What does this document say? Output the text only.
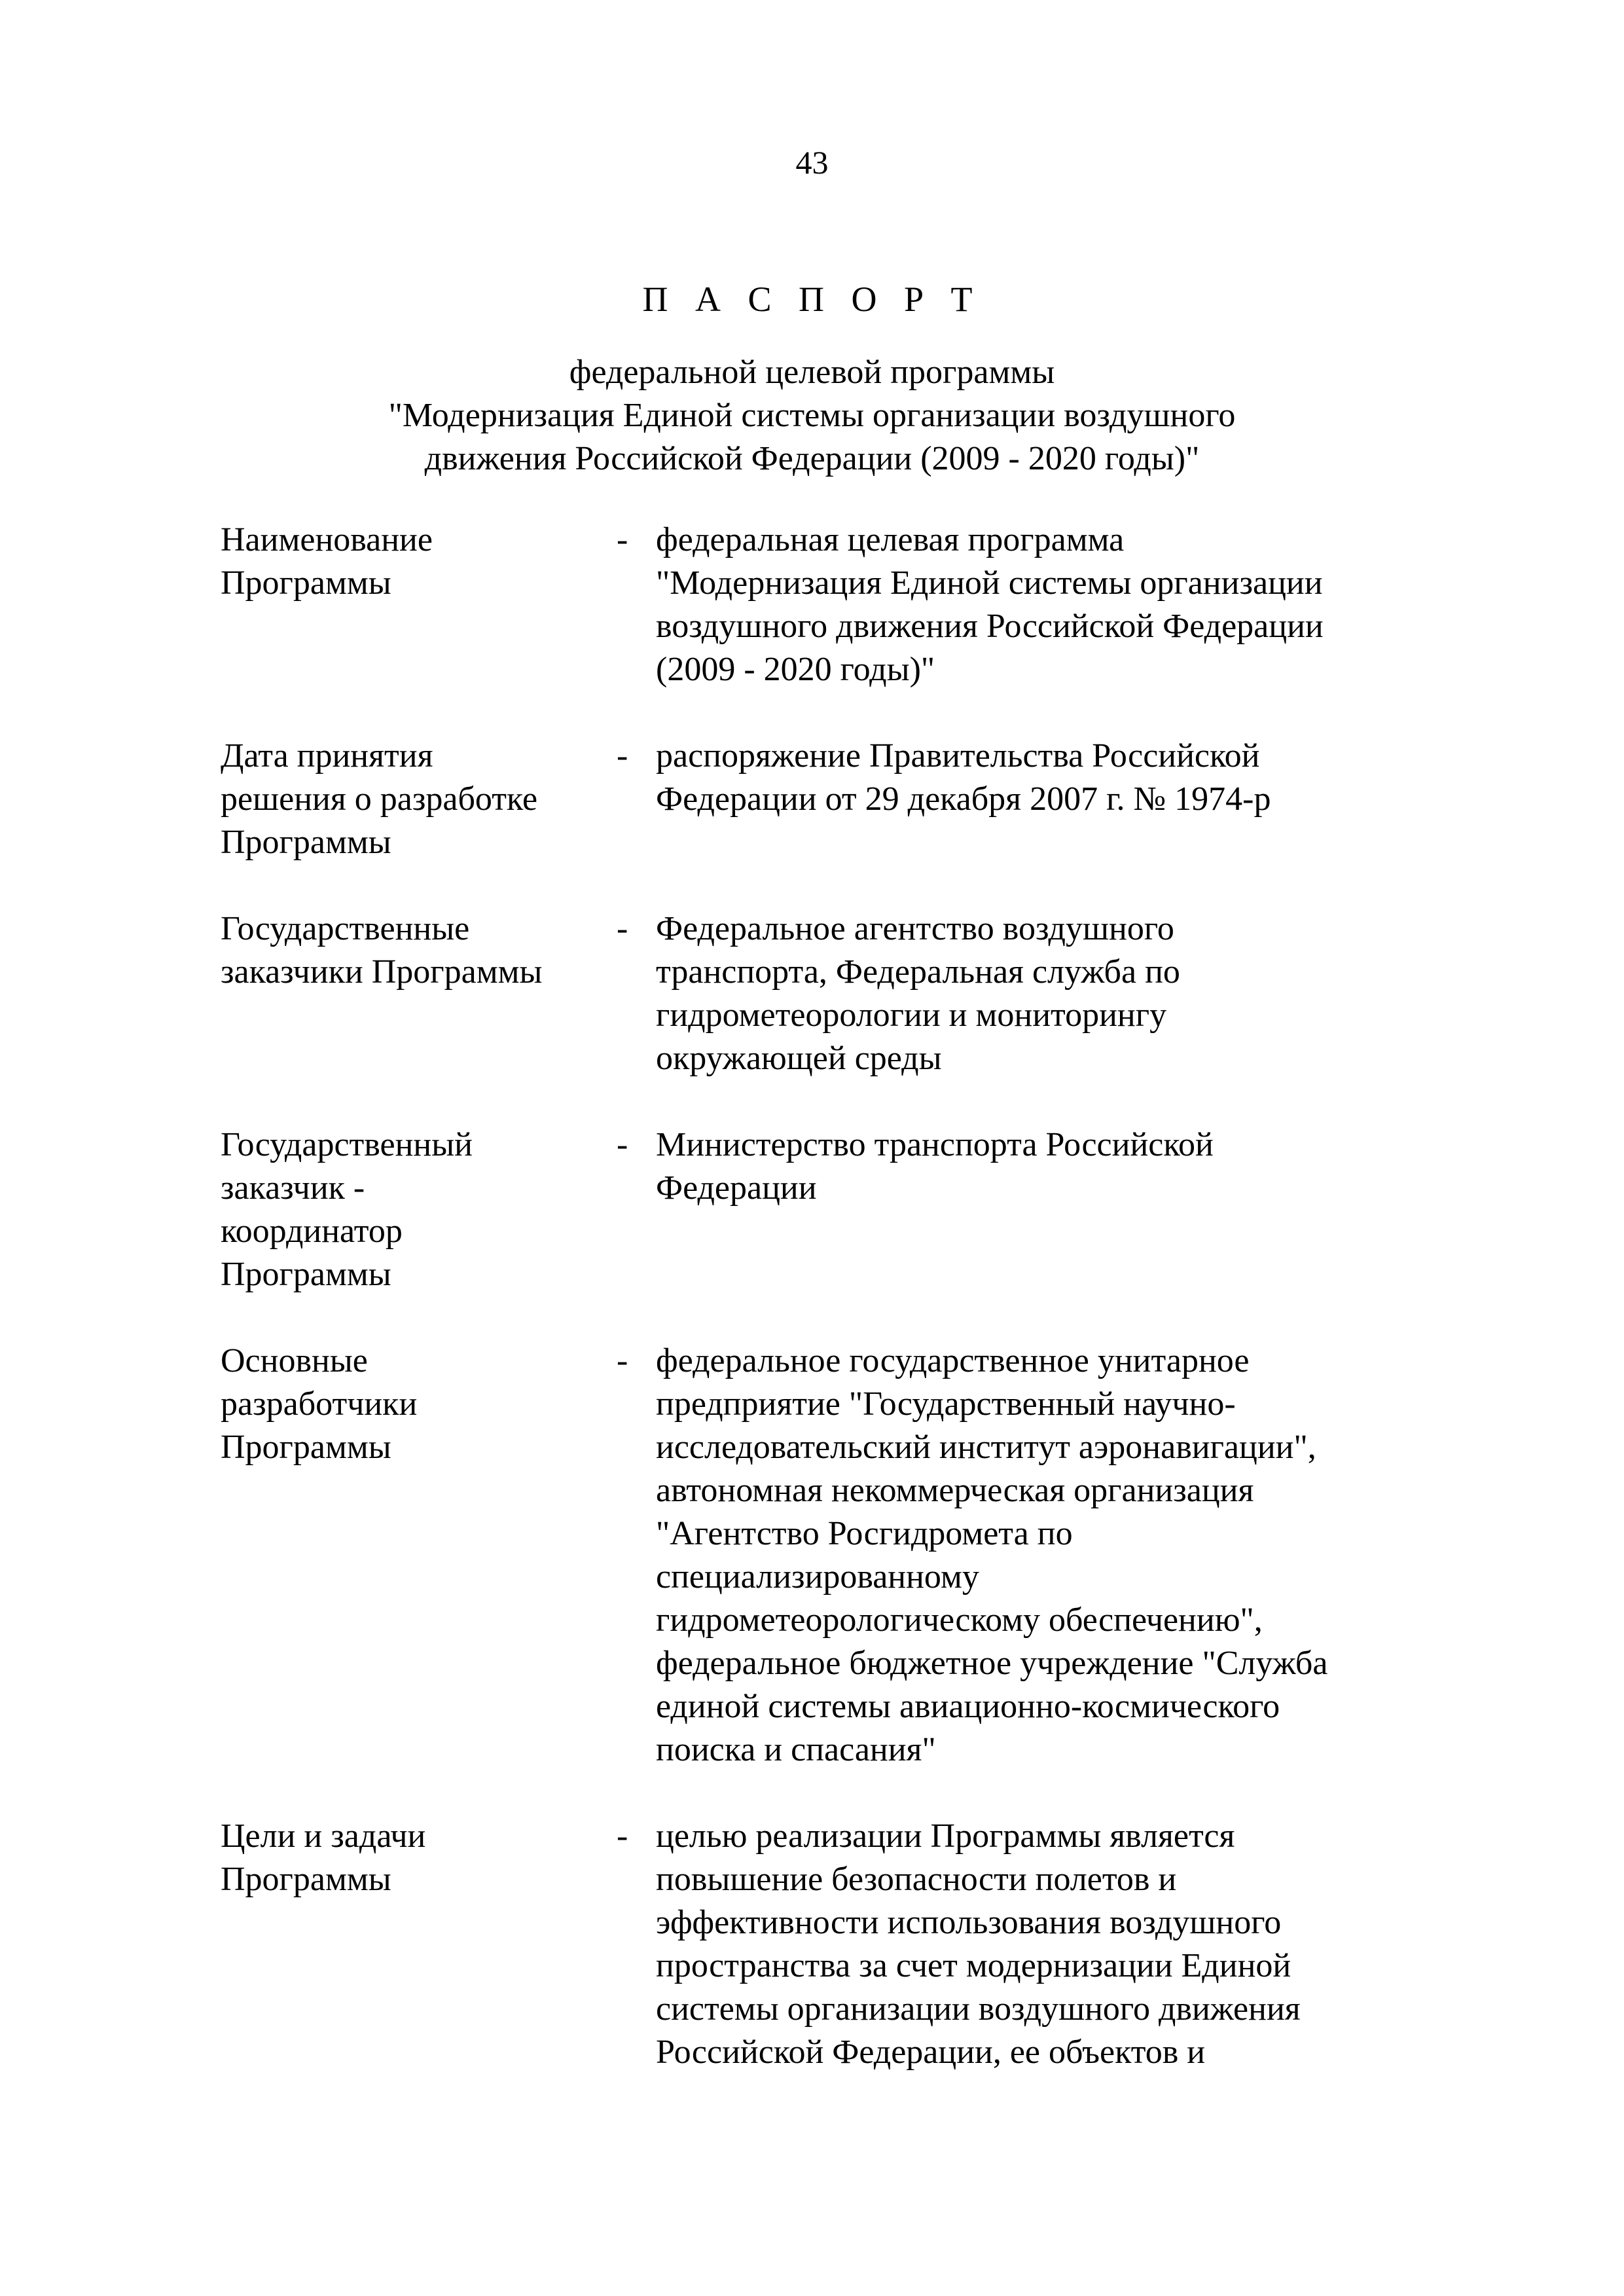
43
П А С П О Р Т
федеральной целевой программы
"Модернизация Единой системы организации воздушного
движения Российской Федерации (2009 - 2020 годы)"
Наименование
Программы
- федеральная целевая программа
"Модернизация Единой системы организации
воздушного движения Российской Федерации
(2009 - 2020 годы)"
Дата принятия
решения о разработке
Программы
- распоряжение Правительства Российской
Федерации от 29 декабря 2007 г. № 1974-р
Государственные
заказчики Программы
- Федеральное агентство воздушного
транспорта, Федеральная служба по
гидрометеорологии и мониторингу
окружающей среды
Государственный
заказчик -
координатор
Программы
- Министерство транспорта Российской
Федерации
Основные
разработчики
Программы
- федеральное государственное унитарное
предприятие "Государственный научно-
исследовательский институт аэронавигации",
автономная некоммерческая организация
"Агентство Росгидромета по
специализированному
гидрометеорологическому обеспечению",
федеральное бюджетное учреждение "Служба
единой системы авиационно-космического
поиска и спасания"
Цели и задачи
Программы
- целью реализации Программы является
повышение безопасности полетов и
эффективности использования воздушного
пространства за счет модернизации Единой
системы организации воздушного движения
Российской Федерации, ее объектов и
